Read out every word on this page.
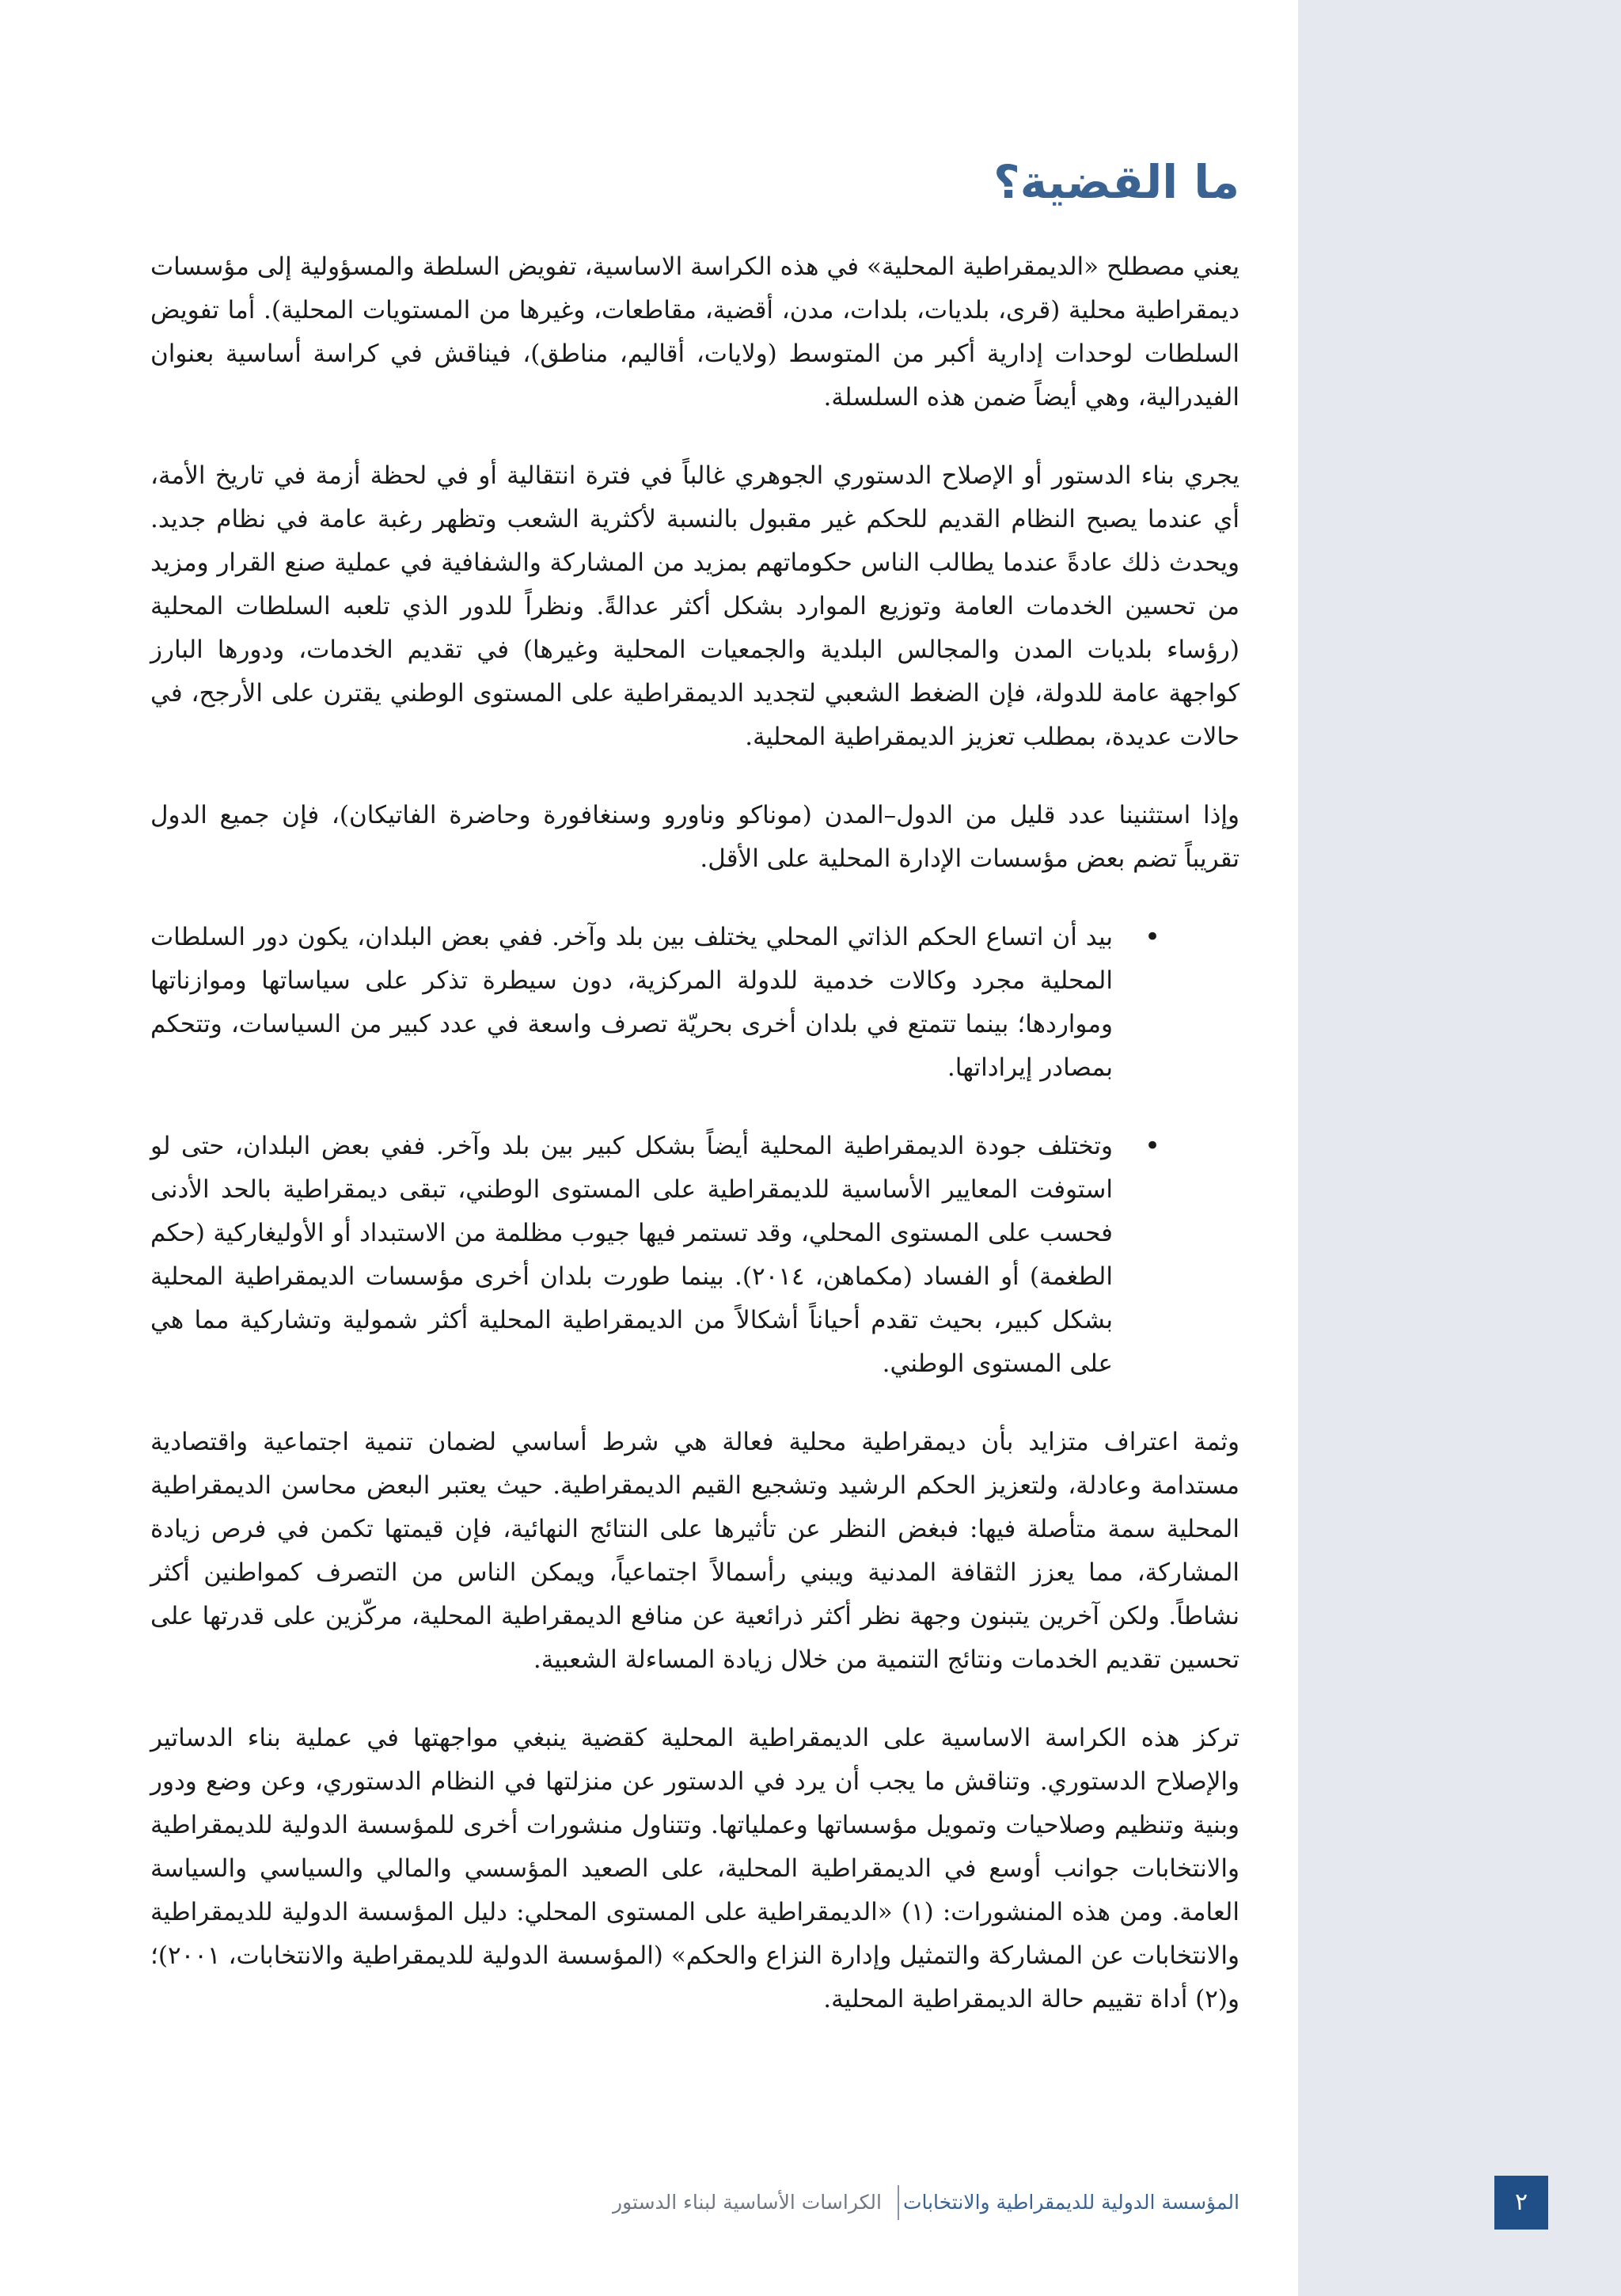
ما القضية؟

يعني مصطلح «الديمقراطية المحلية» في هذه الكراسة الاساسية، تفويض السلطة والمسؤولية إلى مؤسسات ديمقراطية محلية (قرى، بلديات، بلدات، مدن، أقضية، مقاطعات، وغيرها من المستويات المحلية). أما تفويض السلطات لوحدات إدارية أكبر من المتوسط (ولايات، أقاليم، مناطق)، فيناقش في كراسة أساسية بعنوان الفيدرالية، وهي أيضاً ضمن هذه السلسلة.

يجري بناء الدستور أو الإصلاح الدستوري الجوهري غالباً في فترة انتقالية أو في لحظة أزمة في تاريخ الأمة، أي عندما يصبح النظام القديم للحكم غير مقبول بالنسبة لأكثرية الشعب وتظهر رغبة عامة في نظام جديد. ويحدث ذلك عادةً عندما يطالب الناس حكوماتهم بمزيد من المشاركة والشفافية في عملية صنع القرار ومزيد من تحسين الخدمات العامة وتوزيع الموارد بشكل أكثر عدالةً. ونظراً للدور الذي تلعبه السلطات المحلية (رؤساء بلديات المدن والمجالس البلدية والجمعيات المحلية وغيرها) في تقديم الخدمات، ودورها البارز كواجهة عامة للدولة، فإن الضغط الشعبي لتجديد الديمقراطية على المستوى الوطني يقترن على الأرجح، في حالات عديدة، بمطلب تعزيز الديمقراطية المحلية.

وإذا استثنينا عدد قليل من الدول–المدن (موناكو وناورو وسنغافورة وحاضرة الفاتيكان)، فإن جميع الدول تقريباً تضم بعض مؤسسات الإدارة المحلية على الأقل.

•
بيد أن اتساع الحكم الذاتي المحلي يختلف بين بلد وآخر. ففي بعض البلدان، يكون دور السلطات المحلية مجرد وكالات خدمية للدولة المركزية، دون سيطرة تذكر على سياساتها وموازناتها ومواردها؛ بينما تتمتع في بلدان أخرى بحريّة تصرف واسعة في عدد كبير من السياسات، وتتحكم بمصادر إيراداتها.
•
وتختلف جودة الديمقراطية المحلية أيضاً بشكل كبير بين بلد وآخر. ففي بعض البلدان، حتى لو استوفت المعايير الأساسية للديمقراطية على المستوى الوطني، تبقى ديمقراطية بالحد الأدنى فحسب على المستوى المحلي، وقد تستمر فيها جيوب مظلمة من الاستبداد أو الأوليغاركية (حكم الطغمة) أو الفساد (مكماهن، ٢٠١٤). بينما طورت بلدان أخرى مؤسسات الديمقراطية المحلية بشكل كبير، بحيث تقدم أحياناً أشكالاً من الديمقراطية المحلية أكثر شمولية وتشاركية مما هي على المستوى الوطني.

وثمة اعتراف متزايد بأن ديمقراطية محلية فعالة هي شرط أساسي لضمان تنمية اجتماعية واقتصادية مستدامة وعادلة، ولتعزيز الحكم الرشيد وتشجيع القيم الديمقراطية. حيث يعتبر البعض محاسن الديمقراطية المحلية سمة متأصلة فيها: فبغض النظر عن تأثيرها على النتائج النهائية، فإن قيمتها تكمن في فرص زيادة المشاركة، مما يعزز الثقافة المدنية ويبني رأسمالاً اجتماعياً، ويمكن الناس من التصرف كمواطنين أكثر نشاطاً. ولكن آخرين يتبنون وجهة نظر أكثر ذرائعية عن منافع الديمقراطية المحلية، مركّزين على قدرتها على تحسين تقديم الخدمات ونتائج التنمية من خلال زيادة المساءلة الشعبية.

تركز هذه الكراسة الاساسية على الديمقراطية المحلية كقضية ينبغي مواجهتها في عملية بناء الدساتير والإصلاح الدستوري. وتناقش ما يجب أن يرد في الدستور عن منزلتها في النظام الدستوري، وعن وضع ودور وبنية وتنظيم وصلاحيات وتمويل مؤسساتها وعملياتها. وتتناول منشورات أخرى للمؤسسة الدولية للديمقراطية والانتخابات جوانب أوسع في الديمقراطية المحلية، على الصعيد المؤسسي والمالي والسياسي والسياسة العامة. ومن هذه المنشورات: (١) «الديمقراطية على المستوى المحلي: دليل المؤسسة الدولية للديمقراطية والانتخابات عن المشاركة والتمثيل وإدارة النزاع والحكم» (المؤسسة الدولية للديمقراطية والانتخابات، ٢٠٠١)؛ و(٢) أداة تقييم حالة الديمقراطية المحلية.

المؤسسة الدولية للديمقراطية والانتخابات
الكراسات الأساسية لبناء الدستور	٢
